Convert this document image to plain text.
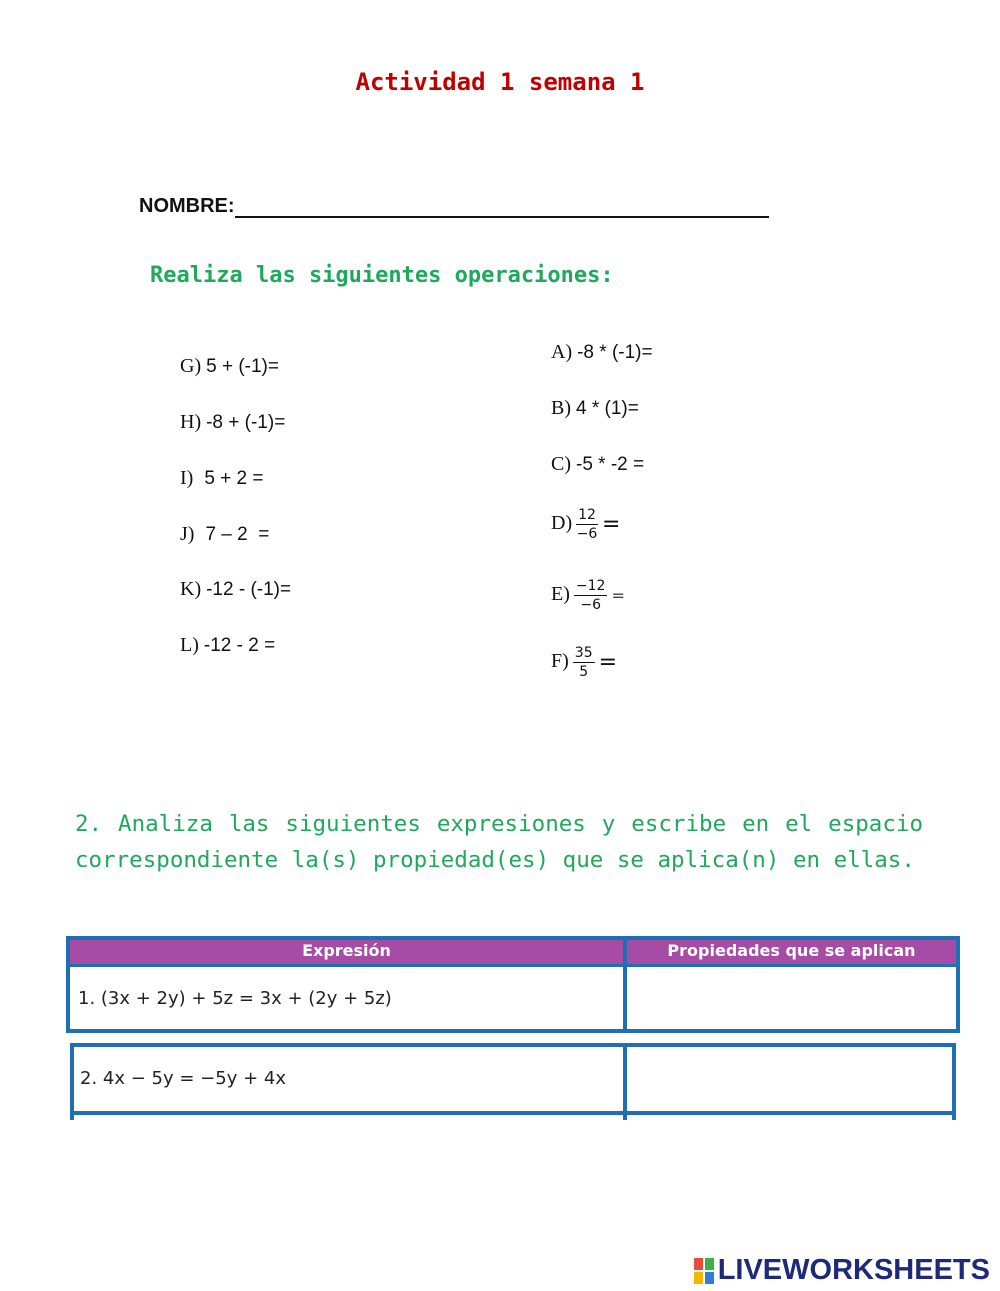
Actividad 1 semana 1
NOMBRE:
Realiza las siguientes operaciones:
G) 5 + (-1)=
H) -8 + (-1)=
I) 5 + 2 =
J) 7 – 2  =
K) -12 - (-1)=
L) -12 - 2 =
A) -8 * (-1)=
B) 4 * (1)=
C) -5 * -2 =
$D) \frac{12}{-6}$ =
$E) \frac{-12}{-6}$ =
$F) \frac{35}{5}$ =
2. Analiza las siguientes expresiones y escribe en el espacio correspondiente la(s) propiedad(es) que se aplica(n) en ellas.
Expresión	Propiedades que se aplican
1. (3x + 2y) + 5z = 3x + (2y + 5z)
2. 4x − 5y = −5y + 4x
LIVEWORKSHEETS
